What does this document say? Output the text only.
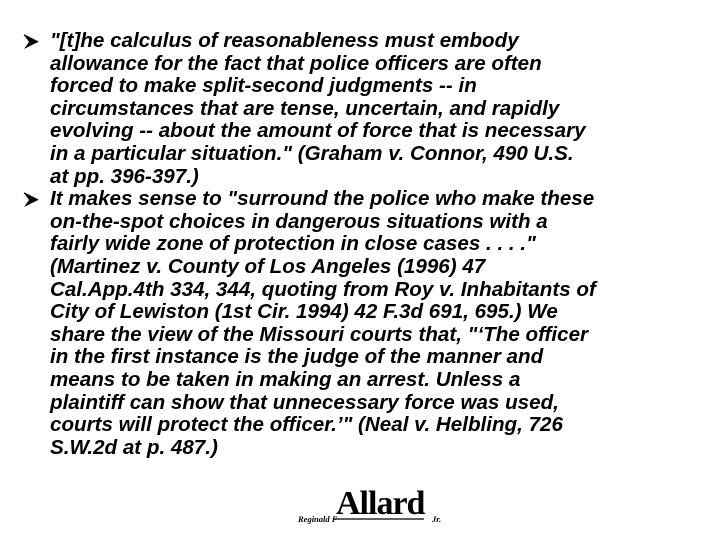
"[t]he calculus of reasonableness must embody
allowance for the fact that police officers are often
forced to make split-second judgments -- in
circumstances that are tense, uncertain, and rapidly
evolving -- about the amount of force that is necessary
in a particular situation." (Graham v. Connor, 490 U.S.
at pp. 396-397.)

It makes sense to "surround the police who make these
on-the-spot choices in dangerous situations with a
fairly wide zone of protection in close cases . . . ."
(Martinez v. County of Los Angeles (1996) 47
Cal.App.4th 334, 344, quoting from Roy v. Inhabitants of
City of Lewiston (1st Cir. 1994) 42 F.3d 691, 695.) We
share the view of the Missouri courts that, "‘The officer
in the first instance is the judge of the manner and
means to be taken in making an arrest. Unless a
plaintiff can show that unnecessary force was used,
courts will protect the officer.’" (Neal v. Helbling, 726
S.W.2d at p. 487.)

Reginald F
Allard Jr.
